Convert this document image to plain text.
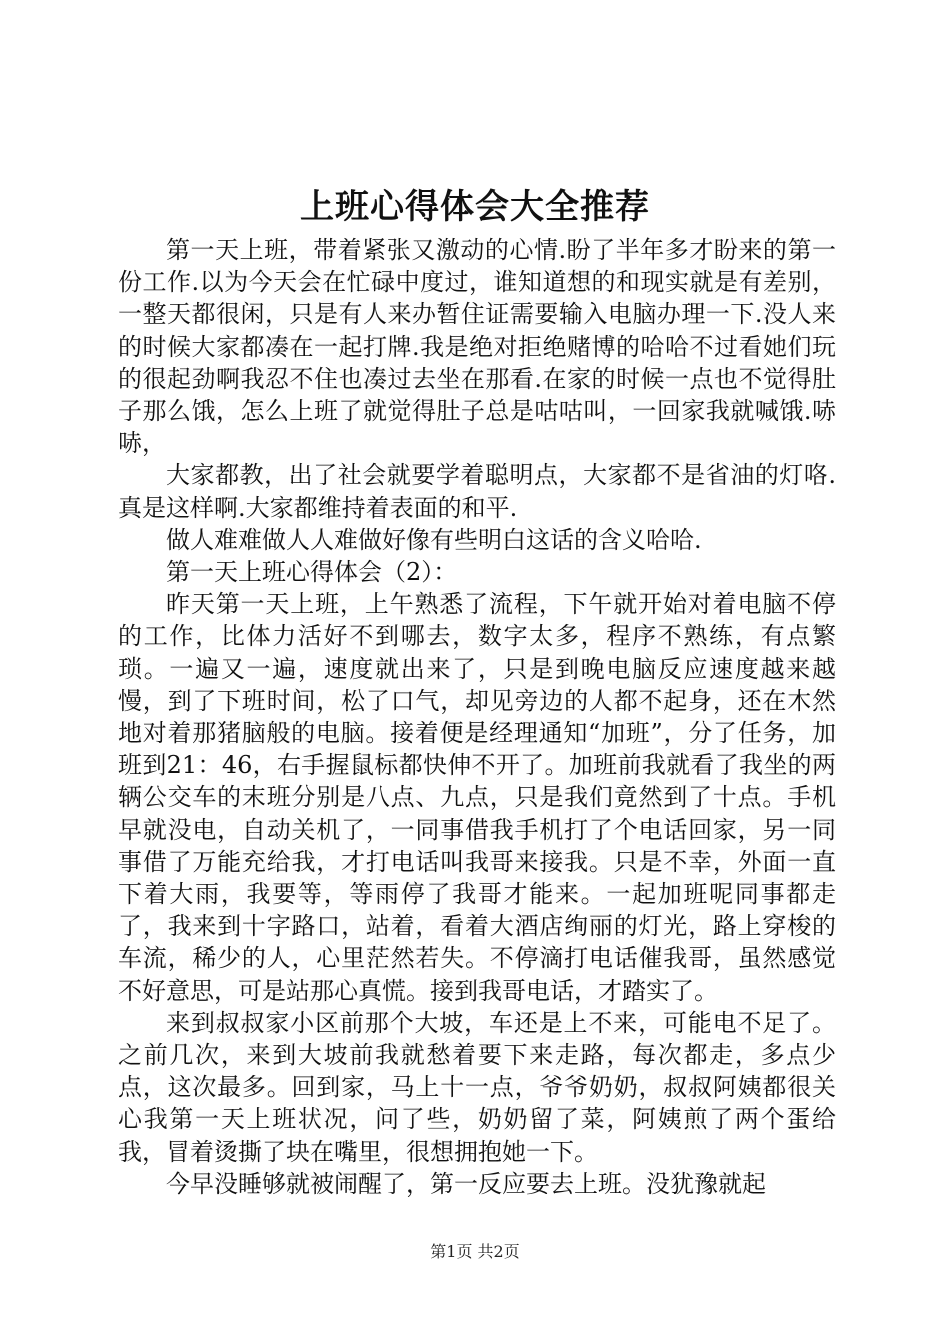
上班心得体会大全推荐

第一天上班，带着紧张又激动的心情.盼了半年多才盼来的第一份工作.以为今天会在忙碌中度过，谁知道想的和现实就是有差别，一整天都很闲，只是有人来办暂住证需要输入电脑办理一下.没人来的时候大家都凑在一起打牌.我是绝对拒绝赌博的哈哈不过看她们玩的很起劲啊我忍不住也凑过去坐在那看.在家的时候一点也不觉得肚子那么饿，怎么上班了就觉得肚子总是咕咕叫，一回家我就喊饿.哧哧，

大家都教，出了社会就要学着聪明点，大家都不是省油的灯咯.真是这样啊.大家都维持着表面的和平.

做人难难做人人难做好像有些明白这话的含义哈哈.

第一天上班心得体会（2）：

昨天第一天上班，上午熟悉了流程，下午就开始对着电脑不停的工作，比体力活好不到哪去，数字太多，程序不熟练，有点繁琐。一遍又一遍，速度就出来了，只是到晚电脑反应速度越来越慢，到了下班时间，松了口气，却见旁边的人都不起身，还在木然地对着那猪脑般的电脑。接着便是经理通知“加班”，分了任务，加班到21：46，右手握鼠标都快伸不开了。加班前我就看了我坐的两辆公交车的末班分别是八点、九点，只是我们竟然到了十点。手机早就没电，自动关机了，一同事借我手机打了个电话回家，另一同事借了万能充给我，才打电话叫我哥来接我。只是不幸，外面一直下着大雨，我要等，等雨停了我哥才能来。一起加班呢同事都走了，我来到十字路口，站着，看着大酒店绚丽的灯光，路上穿梭的车流，稀少的人，心里茫然若失。不停滴打电话催我哥，虽然感觉不好意思，可是站那心真慌。接到我哥电话，才踏实了。

来到叔叔家小区前那个大坡，车还是上不来，可能电不足了。之前几次，来到大坡前我就愁着要下来走路，每次都走，多点少点，这次最多。回到家，马上十一点，爷爷奶奶，叔叔阿姨都很关心我第一天上班状况，问了些，奶奶留了菜，阿姨煎了两个蛋给我，冒着烫撕了块在嘴里，很想拥抱她一下。

今早没睡够就被闹醒了，第一反应要去上班。没犹豫就起

第1页 共2页
